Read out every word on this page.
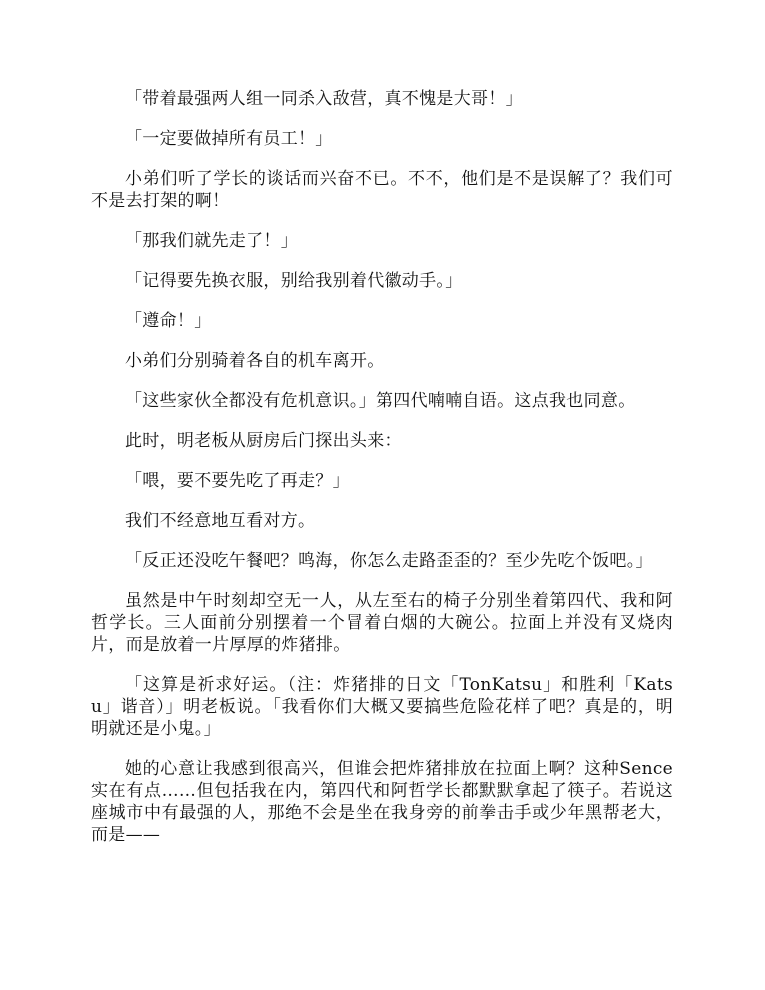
「带着最强两人组一同杀入敌营，真不愧是大哥！」

「一定要做掉所有员工！」

小弟们听了学长的谈话而兴奋不已。不不，他们是不是误解了？我们可不是去打架的啊！

「那我们就先走了！」

「记得要先换衣服，别给我别着代徽动手。」

「遵命！」

小弟们分别骑着各自的机车离开。

「这些家伙全都没有危机意识。」第四代喃喃自语。这点我也同意。

此时，明老板从厨房后门探出头来：

「喂，要不要先吃了再走？」

我们不经意地互看对方。

「反正还没吃午餐吧？鸣海，你怎么走路歪歪的？至少先吃个饭吧。」

虽然是中午时刻却空无一人，从左至右的椅子分别坐着第四代、我和阿哲学长。三人面前分别摆着一个冒着白烟的大碗公。拉面上并没有叉烧肉片，而是放着一片厚厚的炸猪排。

「这算是祈求好运。（注：炸猪排的日文「TonKatsu」和胜利「Katsu」谐音）」明老板说。「我看你们大概又要搞些危险花样了吧？真是的，明明就还是小鬼。」

她的心意让我感到很高兴，但谁会把炸猪排放在拉面上啊？这种Sence实在有点……但包括我在内，第四代和阿哲学长都默默拿起了筷子。若说这座城市中有最强的人，那绝不会是坐在我身旁的前拳击手或少年黑帮老大，而是——
